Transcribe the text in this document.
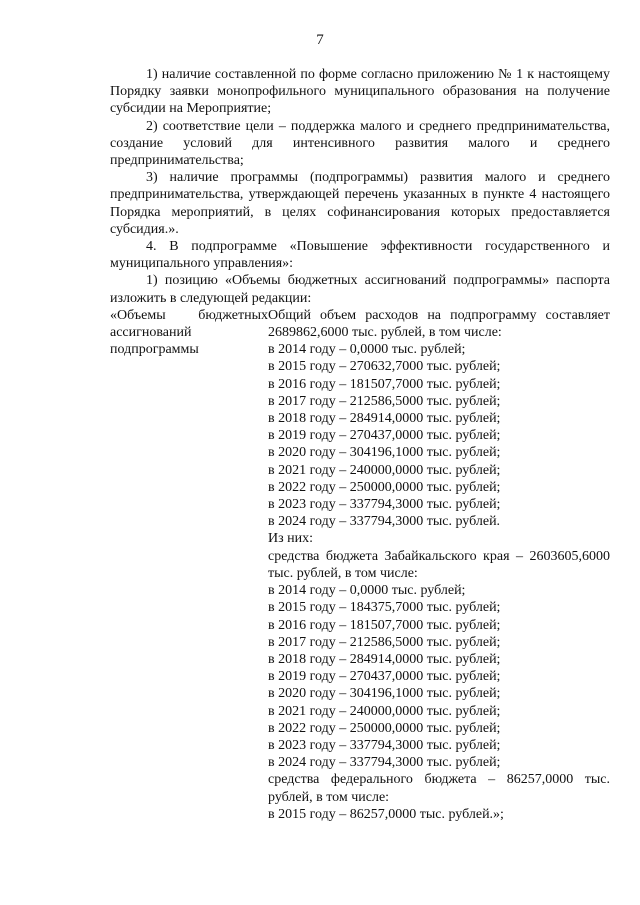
7

1) наличие составленной по форме согласно приложению № 1 к настоящему Порядку заявки монопрофильного муниципального образования на получение субсидии на Мероприятие;

2) соответствие цели – поддержка малого и среднего предпринимательства, создание условий для интенсивного развития малого и среднего предпринимательства;

3) наличие программы (подпрограммы) развития малого и среднего предпринимательства, утверждающей перечень указанных в пункте 4 настоящего Порядка мероприятий, в целях софинансирования которых предоставляется субсидия.».

4. В подпрограмме «Повышение эффективности государственного и муниципального управления»:

1) позицию «Объемы бюджетных ассигнований подпрограммы» паспорта изложить в следующей редакции:

«Объемы бюджетных
ассигнований
подпрограммы
Общий объем расходов на подпрограмму составляет 2689862,6000 тыс. рублей, в том числе:
в 2014 году – 0,0000 тыс. рублей;
в 2015 году – 270632,7000 тыс. рублей;
в 2016 году – 181507,7000 тыс. рублей;
в 2017 году – 212586,5000 тыс. рублей;
в 2018 году – 284914,0000 тыс. рублей;
в 2019 году – 270437,0000 тыс. рублей;
в 2020 году – 304196,1000 тыс. рублей;
в 2021 году – 240000,0000 тыс. рублей;
в 2022 году – 250000,0000 тыс. рублей;
в 2023 году – 337794,3000 тыс. рублей;
в 2024 году – 337794,3000 тыс. рублей.
Из них:
средства бюджета Забайкальского края – 2603605,6000 тыс. рублей, в том числе:
в 2014 году – 0,0000 тыс. рублей;
в 2015 году – 184375,7000 тыс. рублей;
в 2016 году – 181507,7000 тыс. рублей;
в 2017 году – 212586,5000 тыс. рублей;
в 2018 году – 284914,0000 тыс. рублей;
в 2019 году – 270437,0000 тыс. рублей;
в 2020 году – 304196,1000 тыс. рублей;
в 2021 году – 240000,0000 тыс. рублей;
в 2022 году – 250000,0000 тыс. рублей;
в 2023 году – 337794,3000 тыс. рублей;
в 2024 году – 337794,3000 тыс. рублей;
средства федерального бюджета – 86257,0000 тыс. рублей, в том числе:
в 2015 году – 86257,0000 тыс. рублей.»;
